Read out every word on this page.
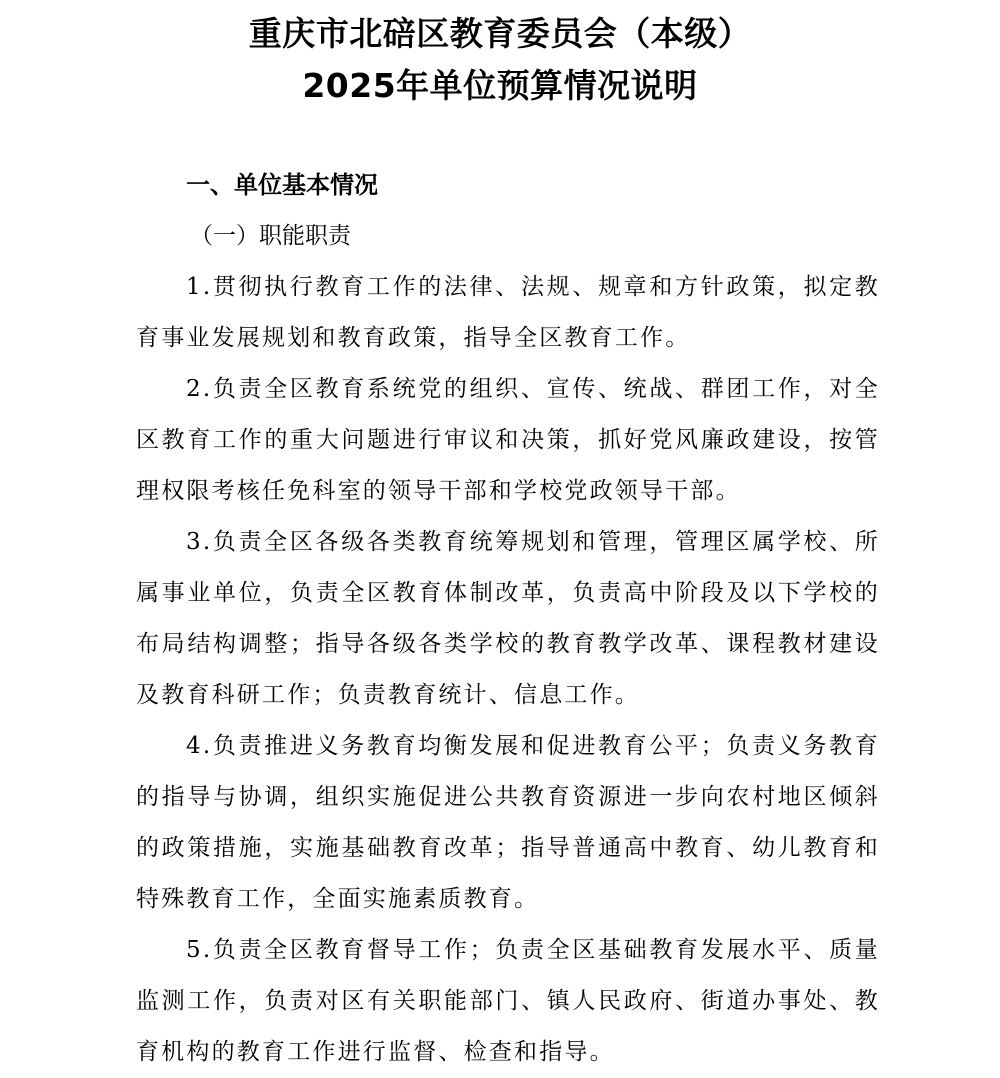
重庆市北碚区教育委员会（本级）
2025年单位预算情况说明

一、单位基本情况

（一）职能职责

1.贯彻执行教育工作的法律、法规、规章和方针政策，拟定教育事业发展规划和教育政策，指导全区教育工作。

2.负责全区教育系统党的组织、宣传、统战、群团工作，对全区教育工作的重大问题进行审议和决策，抓好党风廉政建设，按管理权限考核任免科室的领导干部和学校党政领导干部。

3.负责全区各级各类教育统筹规划和管理，管理区属学校、所属事业单位，负责全区教育体制改革，负责高中阶段及以下学校的布局结构调整；指导各级各类学校的教育教学改革、课程教材建设及教育科研工作；负责教育统计、信息工作。

4.负责推进义务教育均衡发展和促进教育公平；负责义务教育的指导与协调，组织实施促进公共教育资源进一步向农村地区倾斜的政策措施，实施基础教育改革；指导普通高中教育、幼儿教育和特殊教育工作，全面实施素质教育。

5.负责全区教育督导工作；负责全区基础教育发展水平、质量监测工作，负责对区有关职能部门、镇人民政府、街道办事处、教育机构的教育工作进行监督、检查和指导。
